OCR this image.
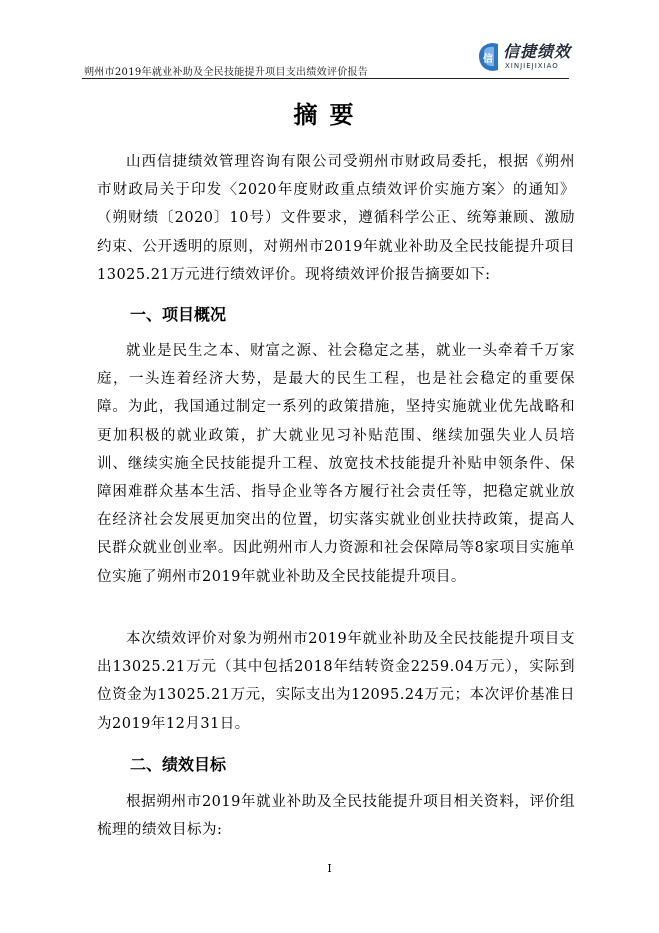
朔州市2019年就业补助及全民技能提升项目支出绩效评价报告
信 信捷绩效
XINJIEJIXIAO
摘要

山西信捷绩效管理咨询有限公司受朔州市财政局委托，根据《朔州市财政局关于印发〈2020年度财政重点绩效评价实施方案〉的通知》（朔财绩〔2020〕10号）文件要求，遵循科学公正、统筹兼顾、激励约束、公开透明的原则，对朔州市2019年就业补助及全民技能提升项目13025.21万元进行绩效评价。现将绩效评价报告摘要如下:

一、项目概况

就业是民生之本、财富之源、社会稳定之基，就业一头牵着千万家庭，一头连着经济大势，是最大的民生工程，也是社会稳定的重要保障。为此，我国通过制定一系列的政策措施，坚持实施就业优先战略和更加积极的就业政策，扩大就业见习补贴范围、继续加强失业人员培训、继续实施全民技能提升工程、放宽技术技能提升补贴申领条件、保障困难群众基本生活、指导企业等各方履行社会责任等，把稳定就业放在经济社会发展更加突出的位置，切实落实就业创业扶持政策，提高人民群众就业创业率。因此朔州市人力资源和社会保障局等8家项目实施单位实施了朔州市2019年就业补助及全民技能提升项目。

本次绩效评价对象为朔州市2019年就业补助及全民技能提升项目支出13025.21万元（其中包括2018年结转资金2259.04万元），实际到位资金为13025.21万元，实际支出为12095.24万元；本次评价基准日为2019年12月31日。

二、绩效目标

根据朔州市2019年就业补助及全民技能提升项目相关资料，评价组梳理的绩效目标为:

I
